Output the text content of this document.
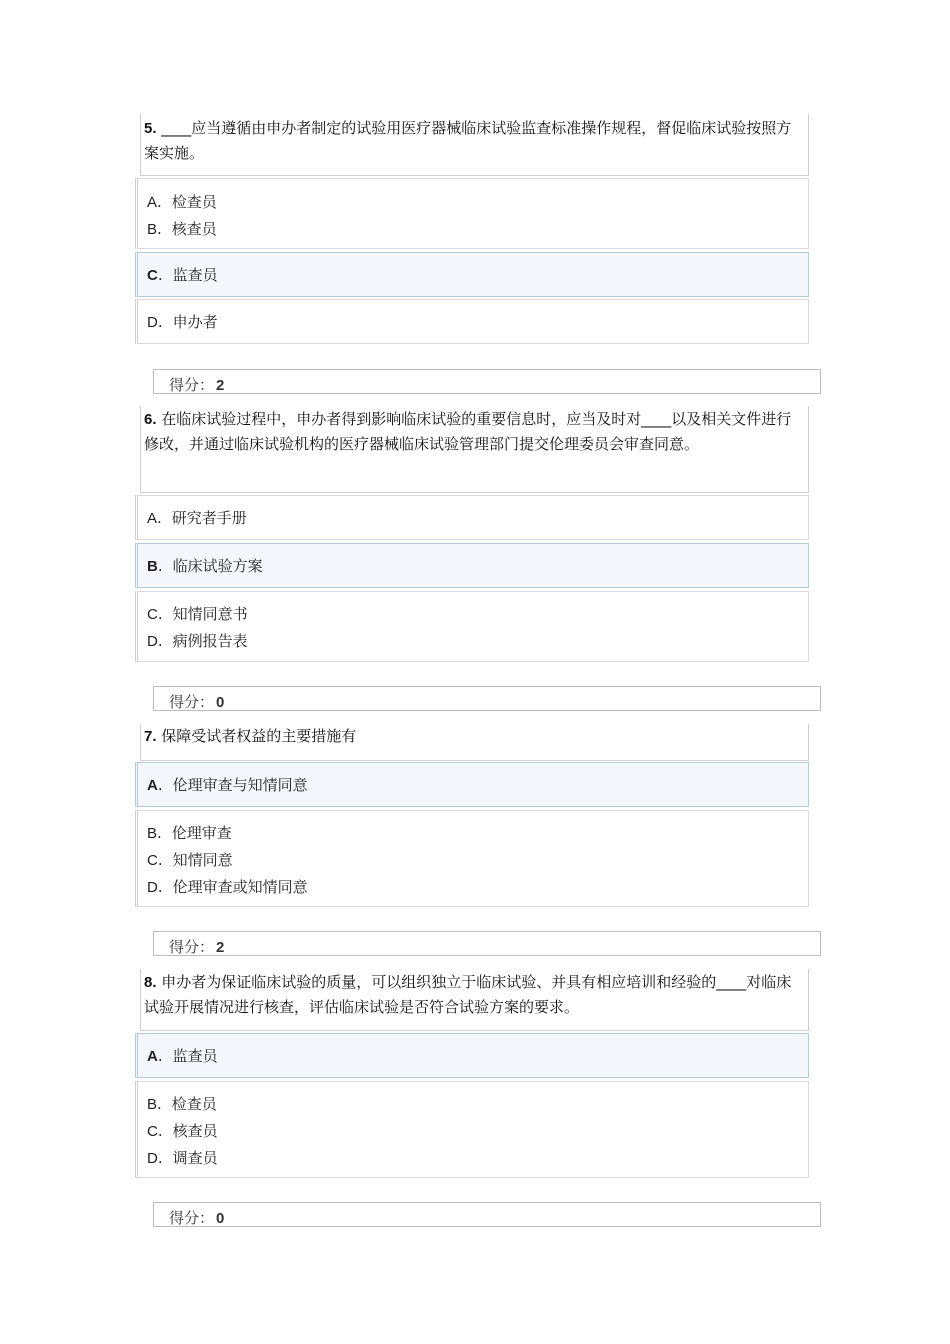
5. ____应当遵循由申办者制定的试验用医疗器械临床试验监查标准操作规程，督促临床试验按照方案实施。
A. 检查员
B. 核查员
C. 监查员
D. 申办者
得分： 2
6. 在临床试验过程中，申办者得到影响临床试验的重要信息时，应当及时对____以及相关文件进行修改，并通过临床试验机构的医疗器械临床试验管理部门提交伦理委员会审查同意。
A. 研究者手册
B. 临床试验方案
C. 知情同意书
D. 病例报告表
得分： 0
7. 保障受试者权益的主要措施有
A. 伦理审查与知情同意
B. 伦理审查
C. 知情同意
D. 伦理审查或知情同意
得分： 2
8. 申办者为保证临床试验的质量，可以组织独立于临床试验、并具有相应培训和经验的____对临床试验开展情况进行核查，评估临床试验是否符合试验方案的要求。
A. 监查员
B. 检查员
C. 核查员
D. 调查员
得分： 0
